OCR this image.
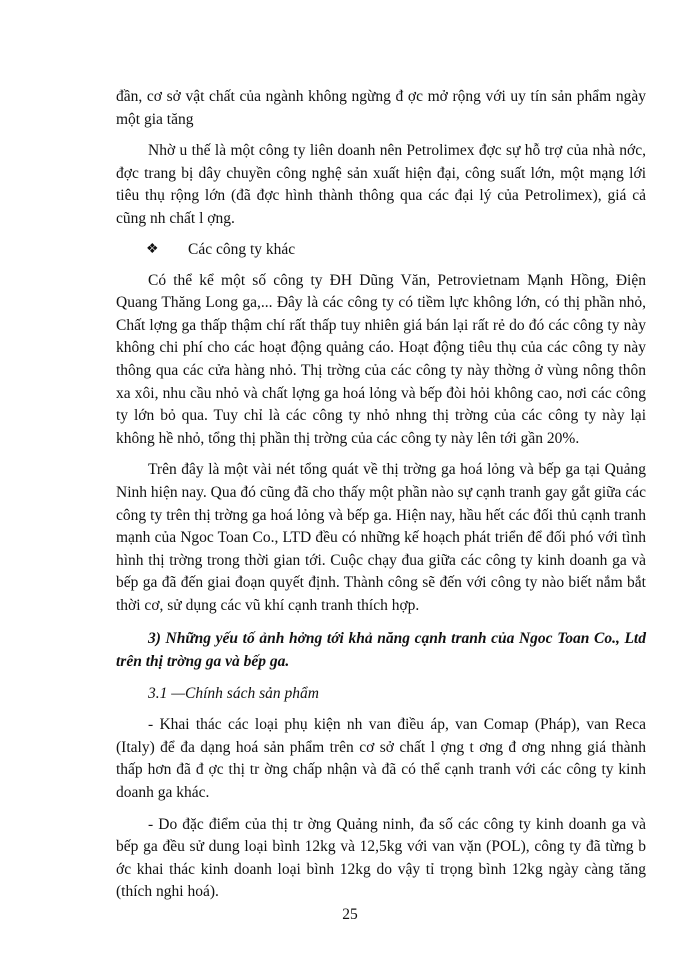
đần, cơ sở vật chất của ngành không ngừng đ ợc mở rộng với uy tín sản phẩm ngày một gia tăng

Nhờ u thế là một công ty liên doanh nên Petrolimex đợc sự hỗ trợ của nhà nớc, đợc trang bị dây chuyền công nghệ sản xuất hiện đại, công suất lớn, một mạng lới tiêu thụ rộng lớn (đã đợc hình thành thông qua các đại lý của Petrolimex), giá cả cũng nh chất l ợng.

❖	Các công ty khác

Có thể kể một số công ty ĐH Dũng Văn, Petrovietnam Mạnh Hồng, Điện Quang Thăng Long ga,... Đây là các công ty có tiềm lực không lớn, có thị phần nhỏ, Chất lợng ga thấp thậm chí rất thấp tuy nhiên giá bán lại rất rẻ do đó các công ty này không chi phí cho các hoạt động quảng cáo. Hoạt động tiêu thụ của các công ty này thông qua các cửa hàng nhỏ. Thị trờng của các công ty này thờng ở vùng nông thôn xa xôi, nhu cầu nhỏ và chất lợng ga hoá lỏng và bếp đòi hỏi không cao, nơi các công ty lớn bỏ qua. Tuy chỉ là các công ty nhỏ nhng thị trờng của các công ty này lại không hề nhỏ, tổng thị phần thị trờng của các công ty này lên tới gần 20%.

Trên đây là một vài nét tổng quát về thị trờng ga hoá lỏng và bếp ga tại Quảng Ninh hiện nay. Qua đó cũng đã cho thấy một phần nào sự cạnh tranh gay gắt giữa các công ty trên thị trờng ga hoá lỏng và bếp ga. Hiện nay, hầu hết các đối thủ cạnh tranh mạnh của Ngoc Toan Co., LTD đều có những kế hoạch phát triển để đối phó với tình hình thị trờng trong thời gian tới. Cuộc chạy đua giữa các công ty kinh doanh ga và bếp ga đã đến giai đoạn quyết định. Thành công sẽ đến với công ty nào biết nắm bắt thời cơ, sử dụng các vũ khí cạnh tranh thích hợp.

3) Những yếu tố ảnh hởng tới khả năng cạnh tranh của Ngoc Toan Co., Ltd trên thị trờng ga và bếp ga.

3.1 —Chính sách sản phẩm

- Khai thác các loại phụ kiện nh van điều áp, van Comap (Pháp), van Reca (Italy) để đa dạng hoá sản phẩm trên cơ sở chất l ợng t ơng đ ơng nhng giá thành thấp hơn đã đ ợc thị tr ờng chấp nhận và đã có thể cạnh tranh với các công ty kinh doanh ga khác.

- Do đặc điểm của thị tr ờng Quảng ninh, đa số các công ty kinh doanh ga và bếp ga đều sử dung loại bình 12kg và 12,5kg với van vặn (POL), công ty đã từng b ớc khai thác kinh doanh loại bình 12kg do vậy tỉ trọng bình 12kg ngày càng tăng (thích nghi hoá).

25
